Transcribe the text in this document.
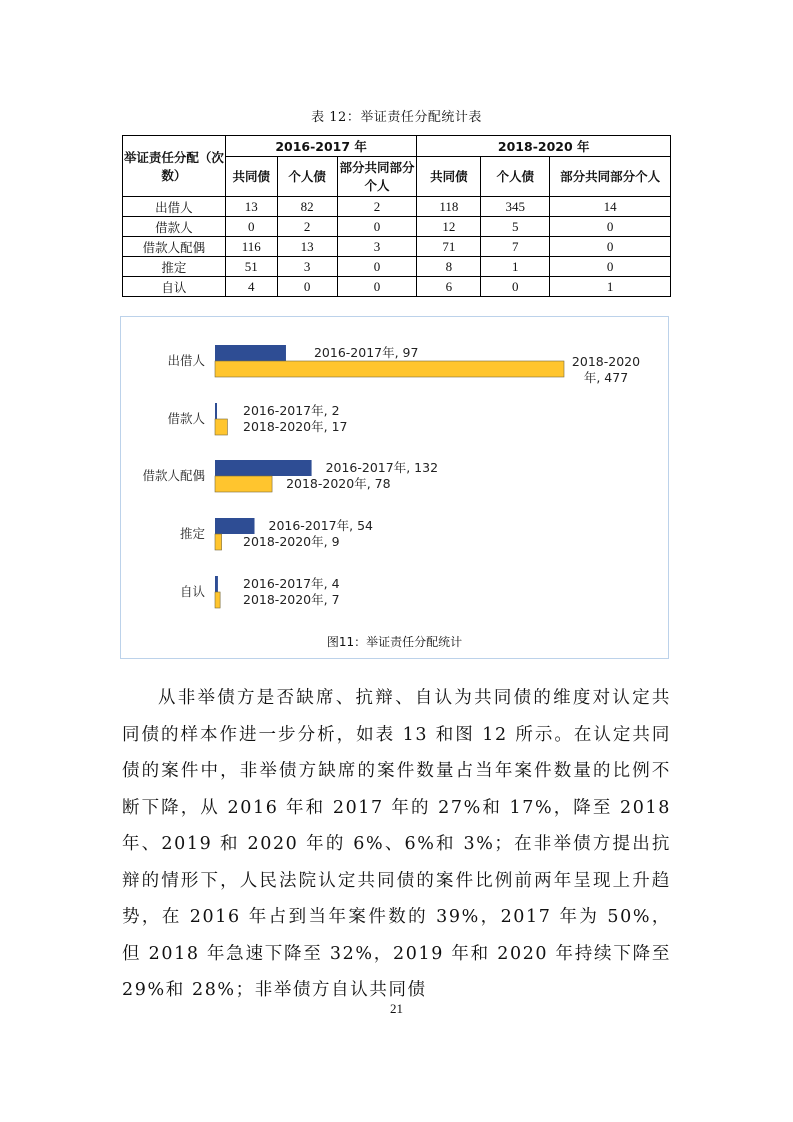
表 12：举证责任分配统计表
举证责任分配（次数）	2016-2017 年			2018-2020 年		
	共同债	个人债	部分共同部分个人	共同债	个人债	部分共同部分个人
出借人	13	82	2	118	345	14
借款人	0	2	0	12	5	0
借款人配偶	116	13	3	71	7	0
推定	51	3	0	8	1	0
自认	4	0	0	6	0	1
出借人
2016-2017年, 97
2018-2020
年, 477
借款人
2016-2017年, 2
2018-2020年, 17
借款人配偶
2016-2017年, 132
2018-2020年, 78
推定
2016-2017年, 54
2018-2020年, 9
自认
2016-2017年, 4
2018-2020年, 7
图11：举证责任分配统计

从非举债方是否缺席、抗辩、自认为共同债的维度对认定共同债的样本作进一步分析，如表 13 和图 12 所示。在认定共同债的案件中，非举债方缺席的案件数量占当年案件数量的比例不断下降，从 2016 年和 2017 年的 27%和 17%，降至 2018 年、2019 和 2020 年的 6%、6%和 3%；在非举债方提出抗辩的情形下，人民法院认定共同债的案件比例前两年呈现上升趋势，在 2016 年占到当年案件数的 39%，2017 年为 50%，但 2018 年急速下降至 32%，2019 年和 2020 年持续下降至 29%和 28%；非举债方自认共同债

21
